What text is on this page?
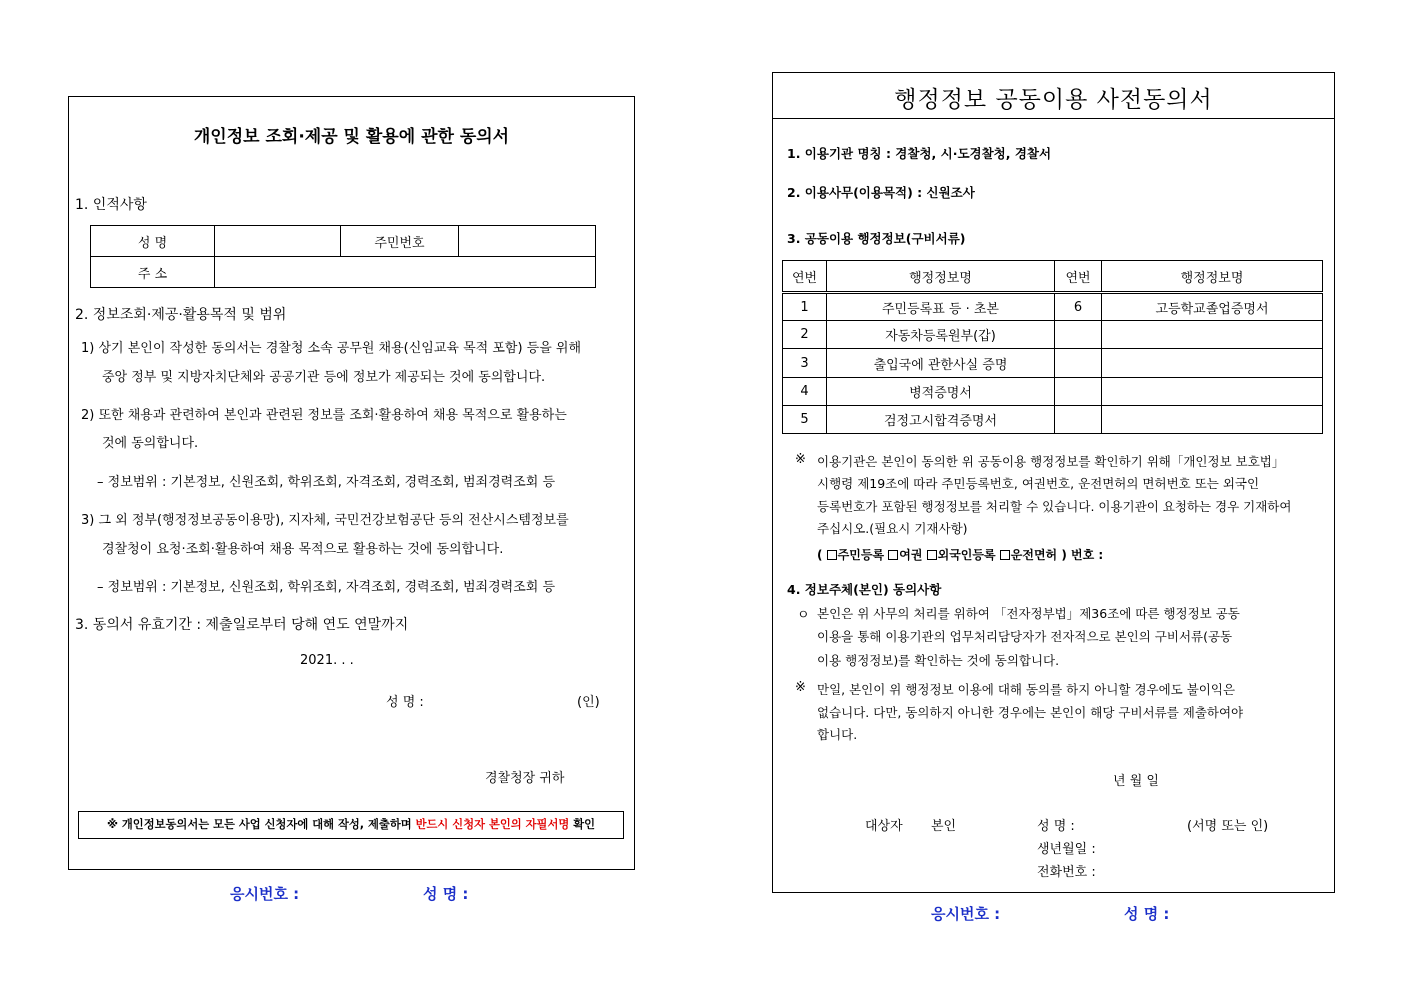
개인정보 조회·제공 및 활용에 관한 동의서
1. 인적사항
성 명		주민번호	
주 소			
2. 정보조회·제공·활용목적 및 범위
1) 상기 본인이 작성한 동의서는 경찰청 소속 공무원 채용(신임교육 목적 포함) 등을 위해
중앙 정부 및 지방자치단체와 공공기관 등에 정보가 제공되는 것에 동의합니다.
2) 또한 채용과 관련하여 본인과 관련된 정보를 조회·활용하여 채용 목적으로 활용하는
것에 동의합니다.
– 정보범위 : 기본정보, 신원조회, 학위조회, 자격조회, 경력조회, 범죄경력조회 등
3) 그 외 정부(행정정보공동이용망), 지자체, 국민건강보험공단 등의 전산시스템정보를
경찰청이 요청·조회·활용하여 채용 목적으로 활용하는 것에 동의합니다.
– 정보범위 : 기본정보, 신원조회, 학위조회, 자격조회, 경력조회, 범죄경력조회 등
3. 동의서 유효기간 : 제출일로부터 당해 연도 연말까지
2021. . .
성 명 :	(인)
경찰청장 귀하
※ 개인정보동의서는 모든 사업 신청자에 대해 작성, 제출하며 반드시 신청자 본인의 자필서명 확인
응시번호 :	성 명 :
행정정보 공동이용 사전동의서
1. 이용기관 명칭 : 경찰청, 시·도경찰청, 경찰서
2. 이용사무(이용목적) : 신원조사
3. 공동이용 행정정보(구비서류)
연번	행정정보명	연번	행정정보명
1	주민등록표 등 · 초본	6	고등학교졸업증명서
2	자동차등록원부(갑)		
3	출입국에 관한사실 증명		
4	병적증명서		
5	검정고시합격증명서		
※ 이용기관은 본인이 동의한 위 공동이용 행정정보를 확인하기 위해「개인정보 보호법」
시행령 제19조에 따라 주민등록번호, 여권번호, 운전면허의 면허번호 또는 외국인
등록번호가 포함된 행정정보를 처리할 수 있습니다. 이용기관이 요청하는 경우 기재하여
주십시오.(필요시 기재사항)
( 주민등록 여권 외국인등록 운전면허 ) 번호 :
4. 정보주체(본인) 동의사항
ㅇ 본인은 위 사무의 처리를 위하여 「전자정부법」제36조에 따른 행정정보 공동
이용을 통해 이용기관의 업무처리담당자가 전자적으로 본인의 구비서류(공동
이용 행정정보)를 확인하는 것에 동의합니다.
※ 만일, 본인이 위 행정정보 이용에 대해 동의를 하지 아니할 경우에도 불이익은
없습니다. 다만, 동의하지 아니한 경우에는 본인이 해당 구비서류를 제출하여야
합니다.
년 월 일
대상자 본인	성 명 :	(서명 또는 인)
생년월일 :
전화번호 :
응시번호 :	성 명 :
